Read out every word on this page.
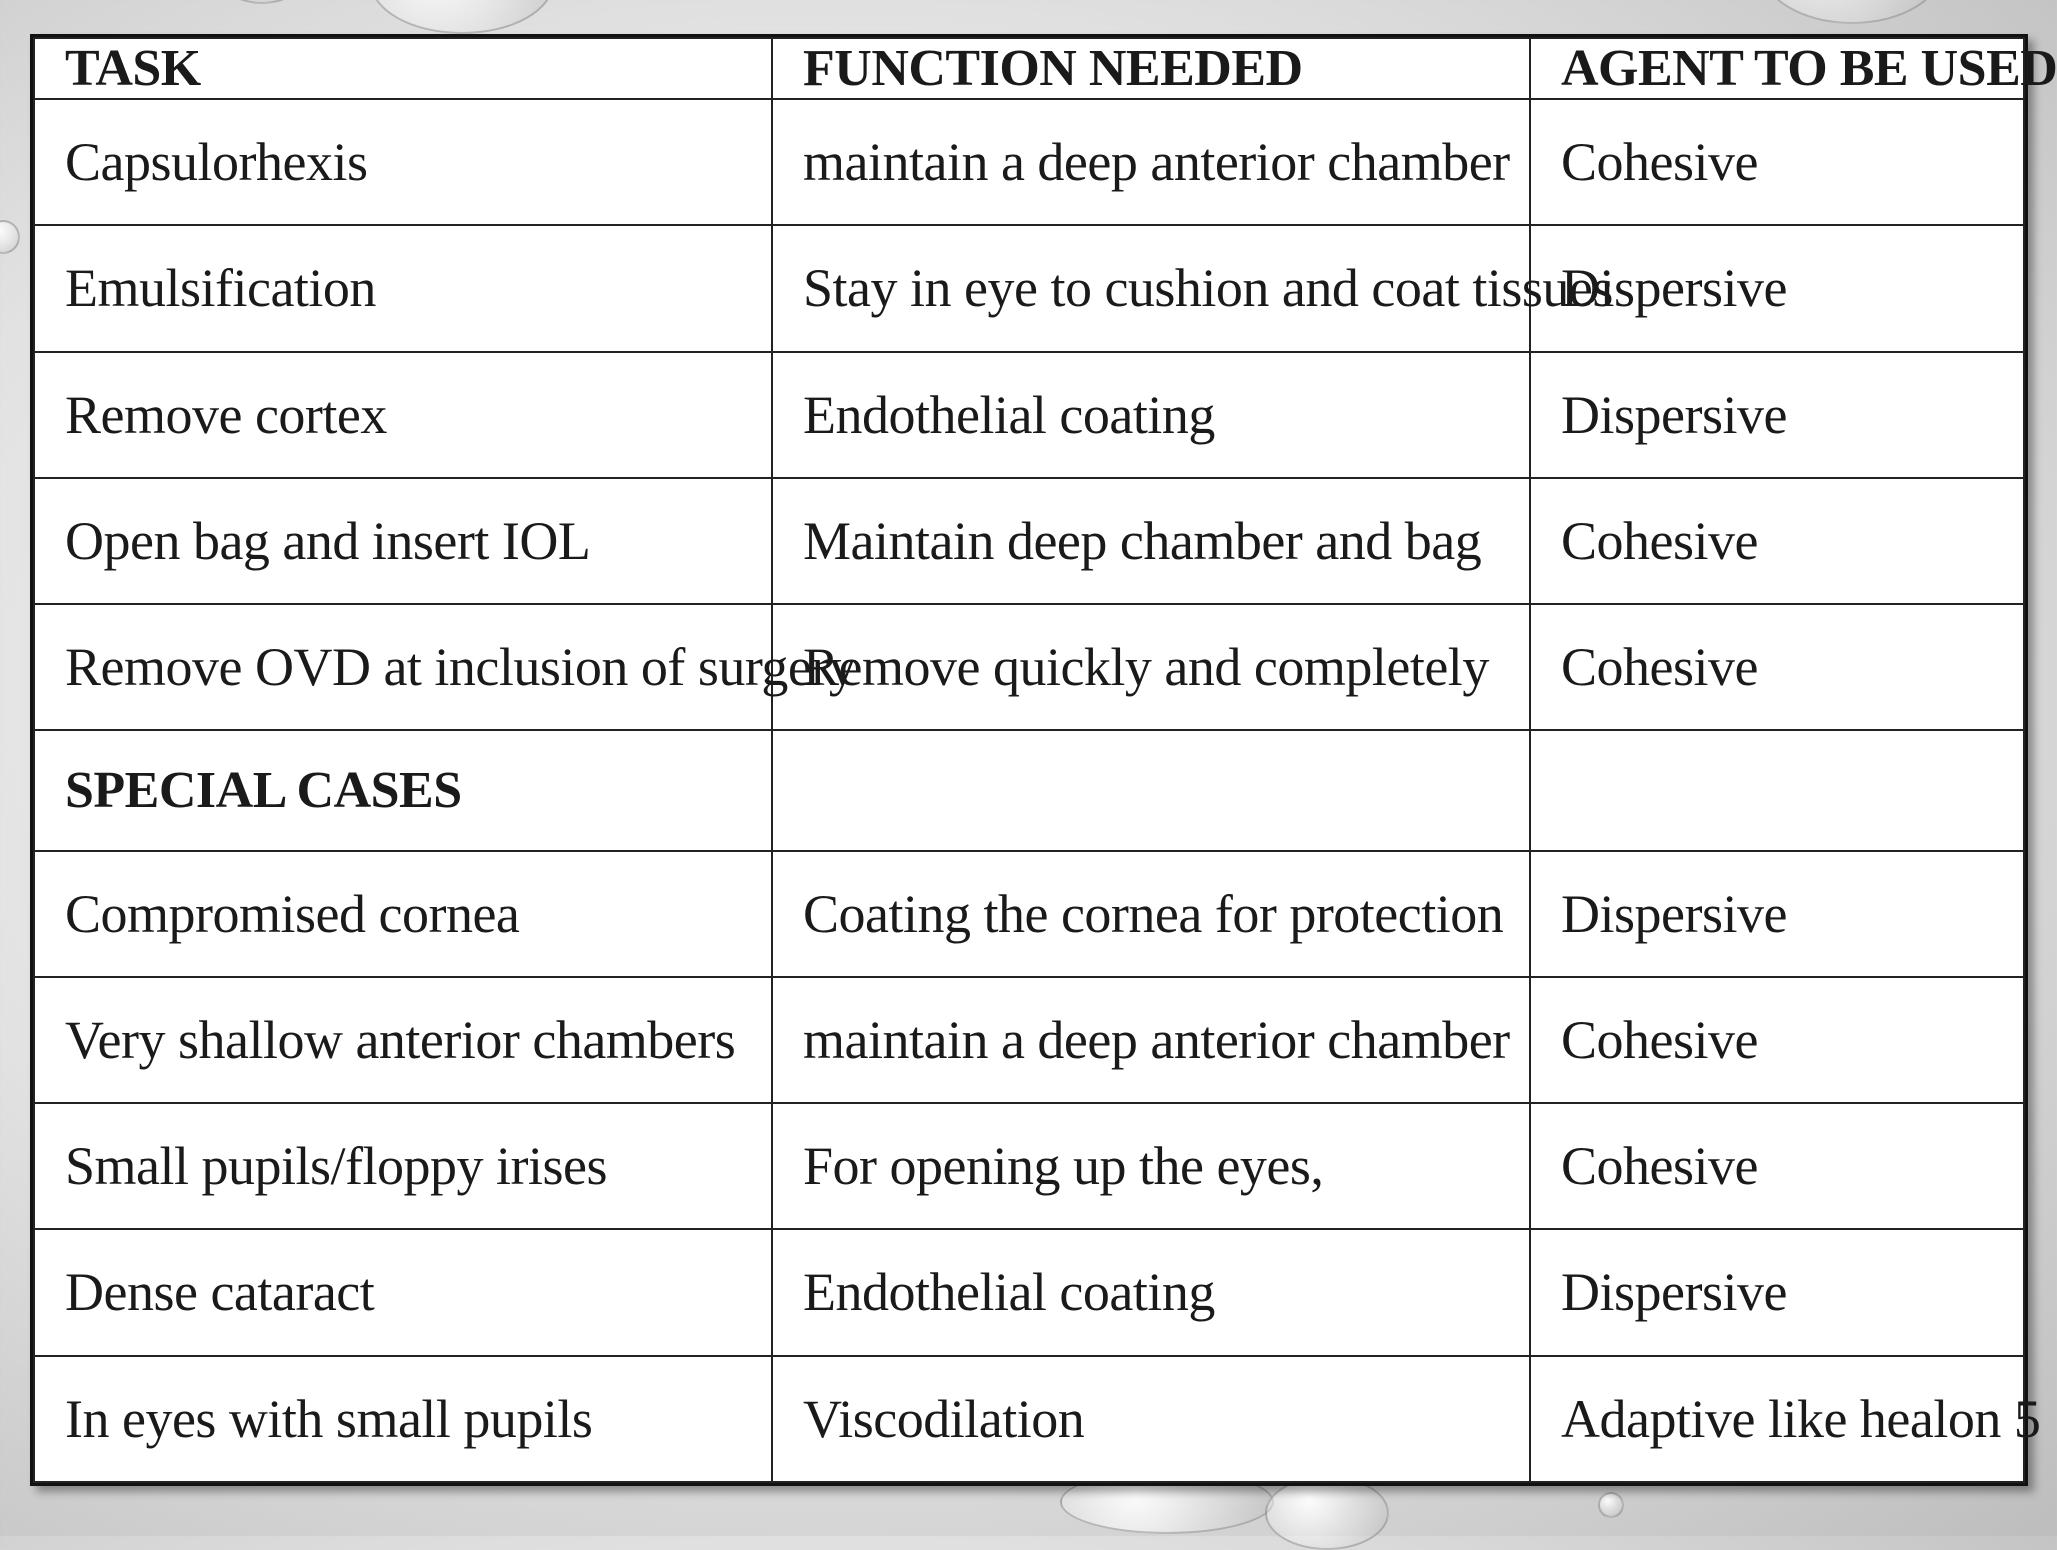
TASK	FUNCTION NEEDED	AGENT TO BE USED
Capsulorhexis	maintain a deep anterior chamber	Cohesive
Emulsification	Stay in eye to cushion and coat tissues	Dispersive
Remove cortex	Endothelial coating	Dispersive
Open bag and insert IOL	Maintain deep chamber and bag	Cohesive
Remove OVD at inclusion of surgery	Remove quickly and completely	Cohesive
SPECIAL CASES		
Compromised cornea	Coating the cornea for protection	Dispersive
Very shallow anterior chambers	maintain a deep anterior chamber	Cohesive
Small pupils/floppy irises	For opening up the eyes,	Cohesive
Dense cataract	Endothelial coating	Dispersive
In eyes with small pupils	Viscodilation	Adaptive like healon 5
